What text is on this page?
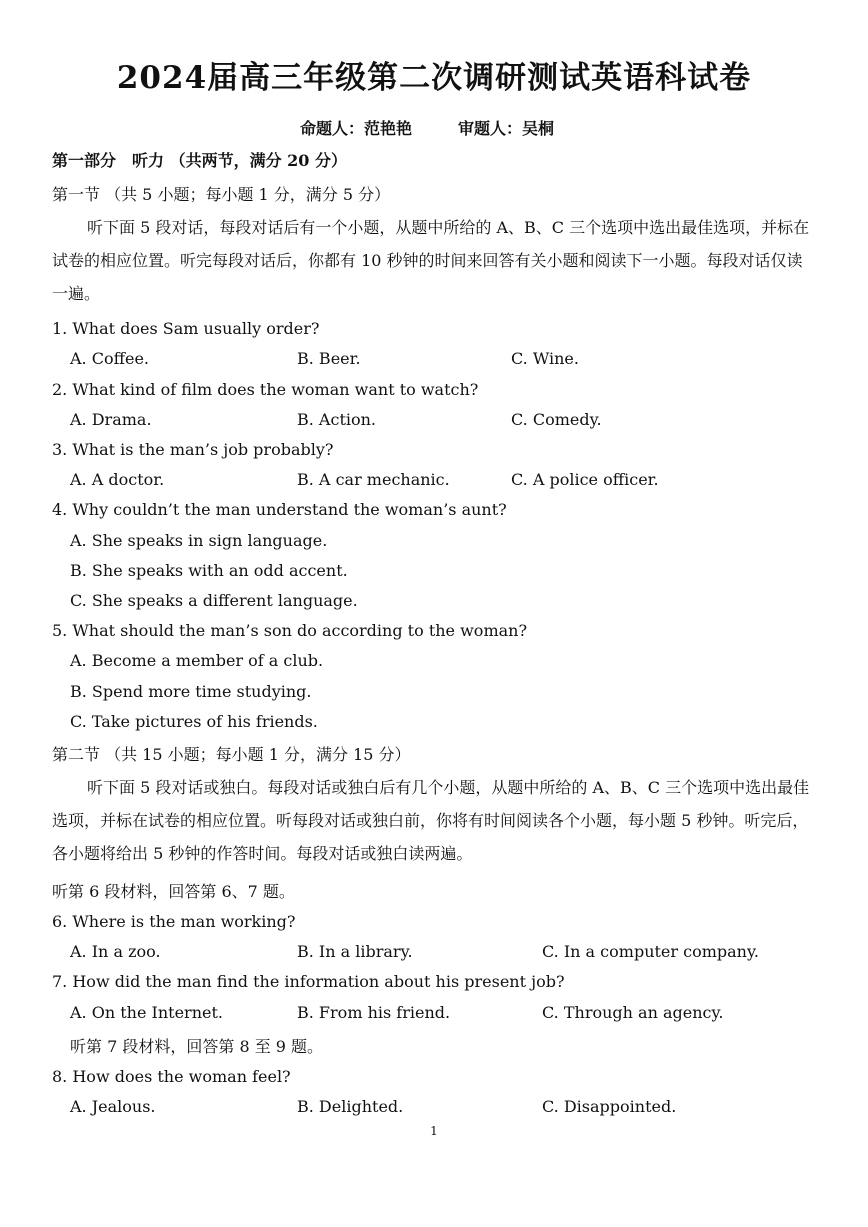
2024届高三年级第二次调研测试英语科试卷
命题人：范艳艳	审题人：吴桐
第一部分　听力 （共两节，满分 20 分）
第一节 （共 5 小题；每小题 1 分，满分 5 分）
听下面 5 段对话，每段对话后有一个小题，从题中所给的 A、B、C 三个选项中选出最佳选项，并标在试卷的相应位置。听完每段对话后，你都有 10 秒钟的时间来回答有关小题和阅读下一小题。每段对话仅读一遍。
1. What does Sam usually order?
A. Coffee.	B. Beer.	C. Wine.
2. What kind of film does the woman want to watch?
A. Drama.	B. Action.	C. Comedy.
3. What is the man’s job probably?
A. A doctor.	B. A car mechanic.	C. A police officer.
4. Why couldn’t the man understand the woman’s aunt?
A. She speaks in sign language.
B. She speaks with an odd accent.
C. She speaks a different language.
5. What should the man’s son do according to the woman?
A. Become a member of a club.
B. Spend more time studying.
C. Take pictures of his friends.
第二节 （共 15 小题；每小题 1 分，满分 15 分）
听下面 5 段对话或独白。每段对话或独白后有几个小题，从题中所给的 A、B、C 三个选项中选出最佳选项，并标在试卷的相应位置。听每段对话或独白前，你将有时间阅读各个小题，每小题 5 秒钟。听完后，各小题将给出 5 秒钟的作答时间。每段对话或独白读两遍。
听第 6 段材料，回答第 6、7 题。
6. Where is the man working?
A. In a zoo.	B. In a library.	C. In a computer company.
7. How did the man find the information about his present job?
A. On the Internet.	B. From his friend.	C. Through an agency.
听第 7 段材料，回答第 8 至 9 题。
8. How does the woman feel?
A. Jealous.	B. Delighted.	C. Disappointed.
1
